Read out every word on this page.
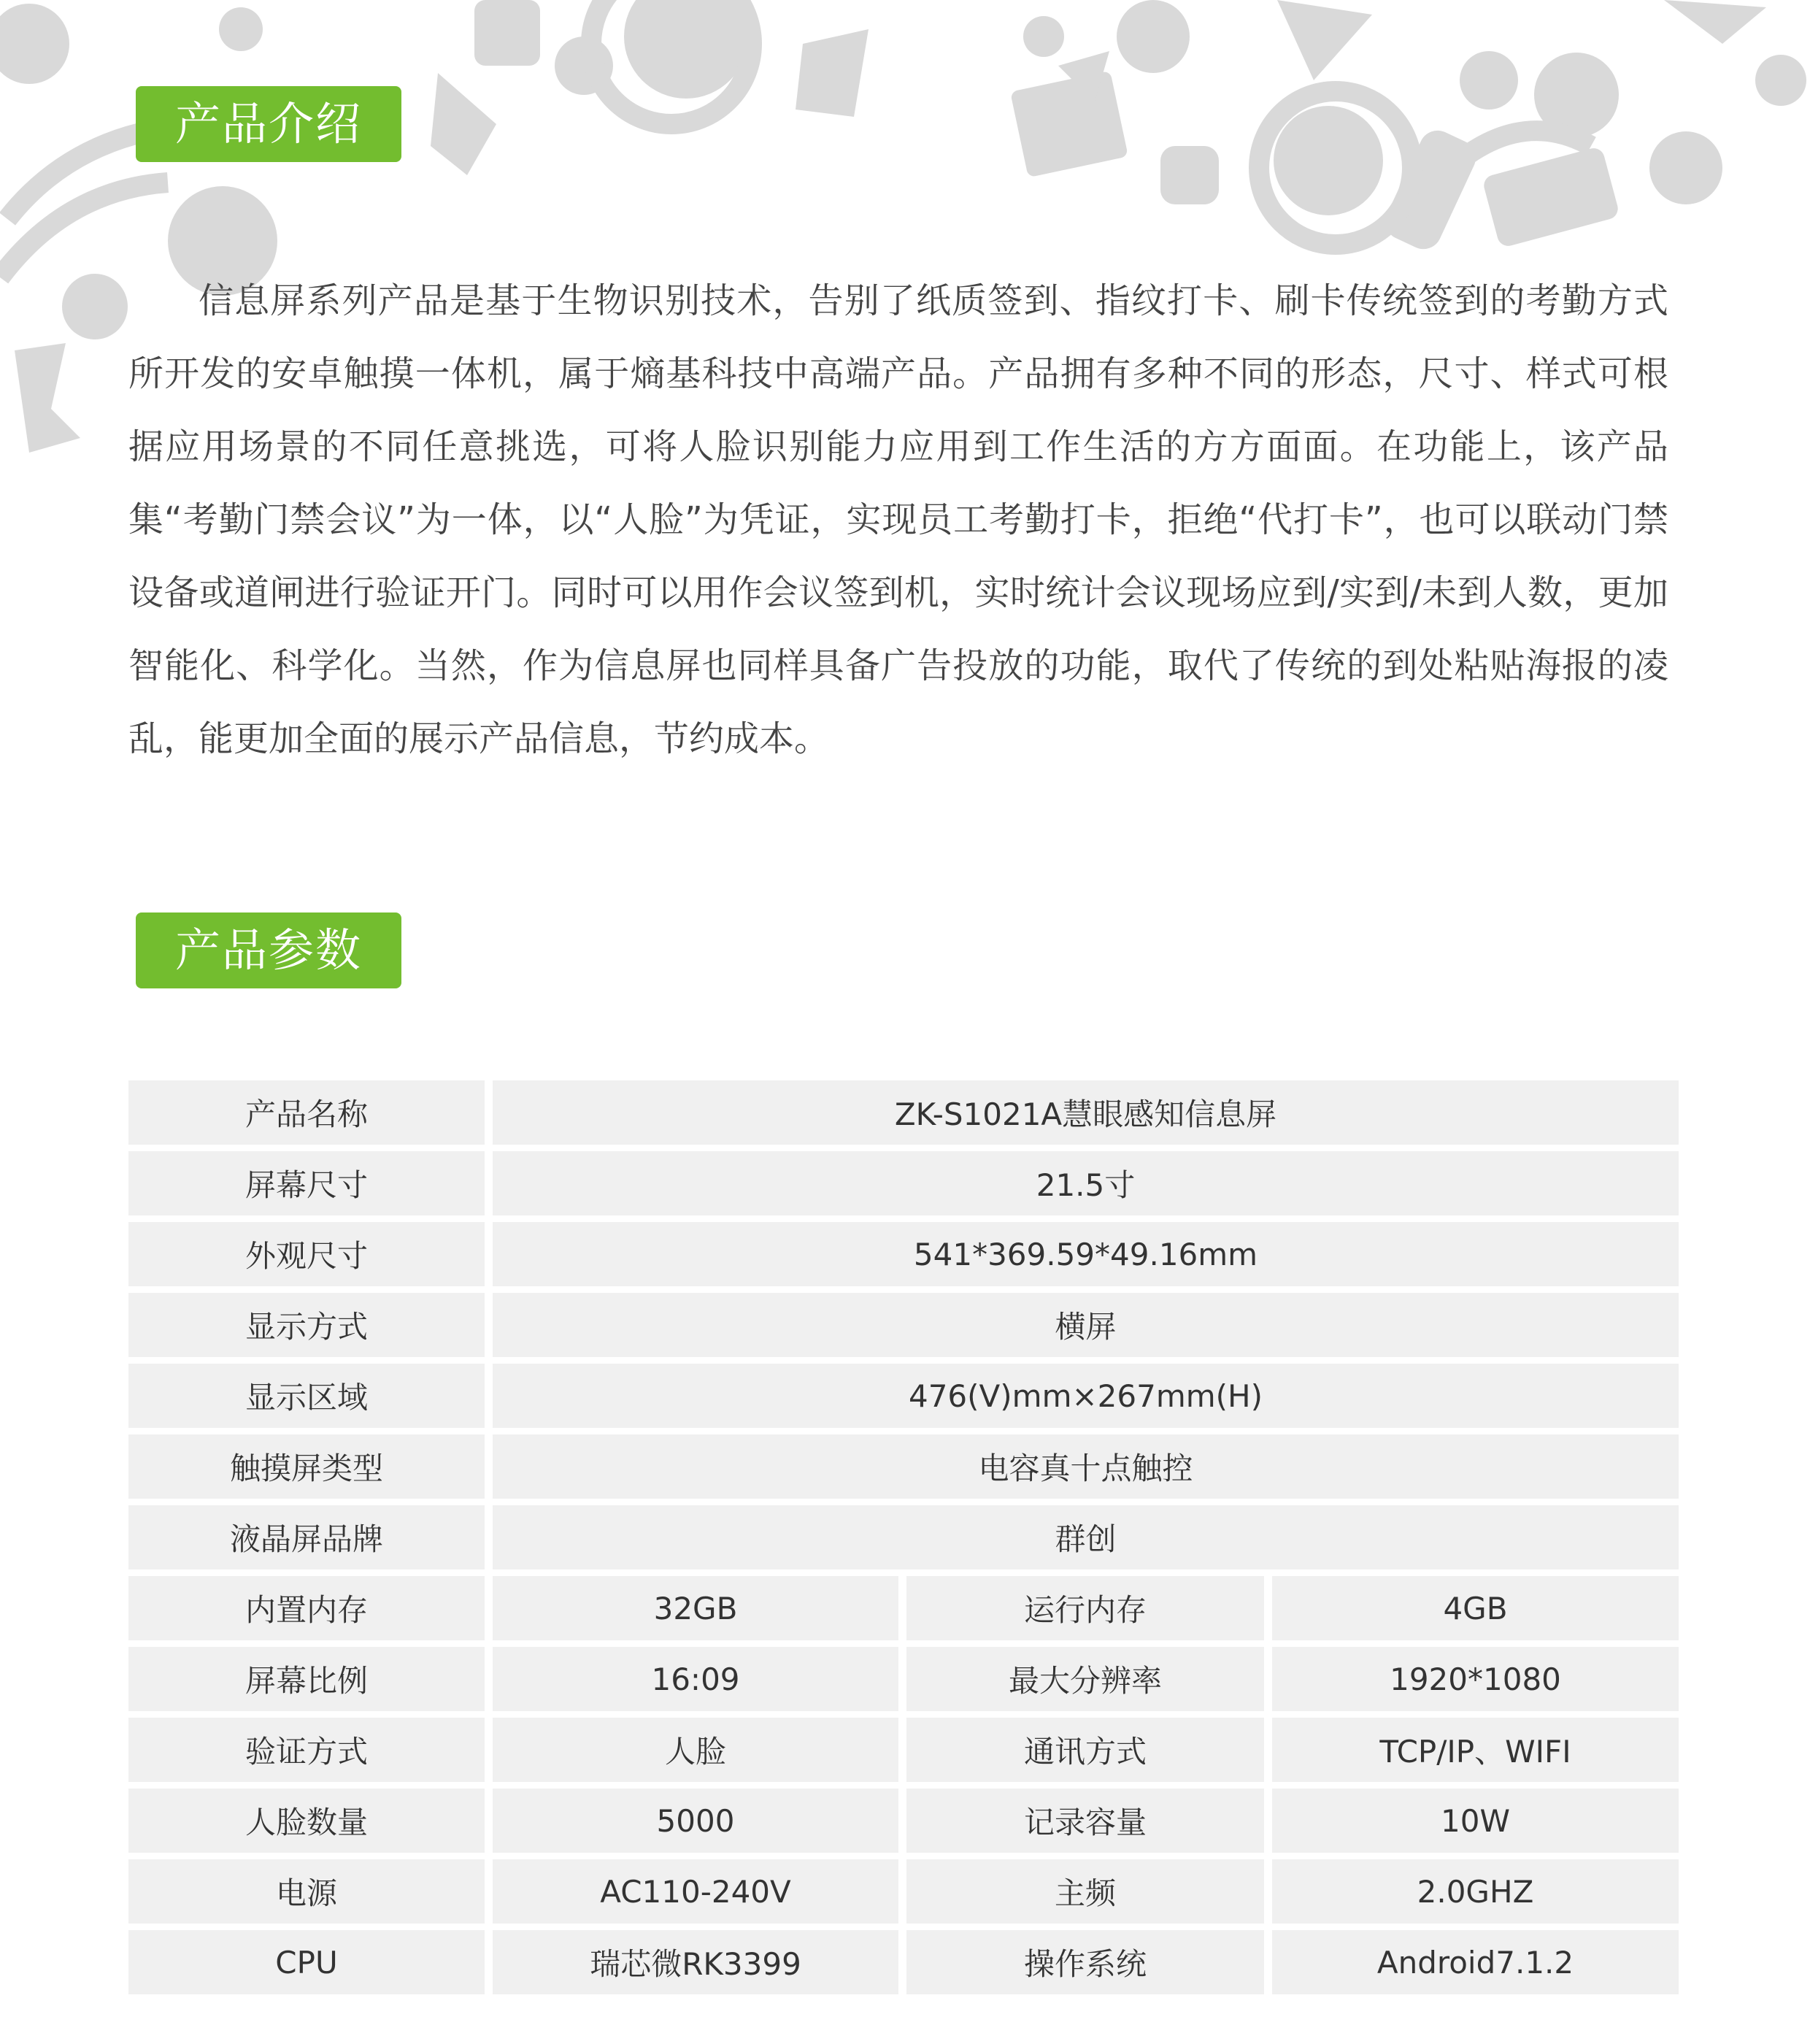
产品介绍

信息屏系列产品是基于生物识别技术，告别了纸质签到、指纹打卡、刷卡传统签到的考勤方式所开发的安卓触摸一体机，属于熵基科技中高端产品。产品拥有多种不同的形态，尺寸、样式可根据应用场景的不同任意挑选，可将人脸识别能力应用到工作生活的方方面面。在功能上，该产品集“考勤门禁会议”为一体，以“人脸”为凭证，实现员工考勤打卡，拒绝“代打卡”，也可以联动门禁设备或道闸进行验证开门。同时可以用作会议签到机，实时统计会议现场应到/实到/未到人数，更加智能化、科学化。当然，作为信息屏也同样具备广告投放的功能，取代了传统的到处粘贴海报的凌乱，能更加全面的展示产品信息，节约成本。

产品参数
产品名称	ZK-S1021A慧眼感知信息屏
屏幕尺寸	21.5寸
外观尺寸	541*369.59*49.16mm
显示方式	横屏
显示区域	476(V)mm×267mm(H)
触摸屏类型	电容真十点触控
液晶屏品牌	群创
内置内存	32GB	运行内存	4GB
屏幕比例	16:09	最大分辨率	1920*1080
验证方式	人脸	通讯方式	TCP/IP、WIFI
人脸数量	5000	记录容量	10W
电源	AC110-240V	主频	2.0GHZ
CPU	瑞芯微RK3399	操作系统	Android7.1.2
